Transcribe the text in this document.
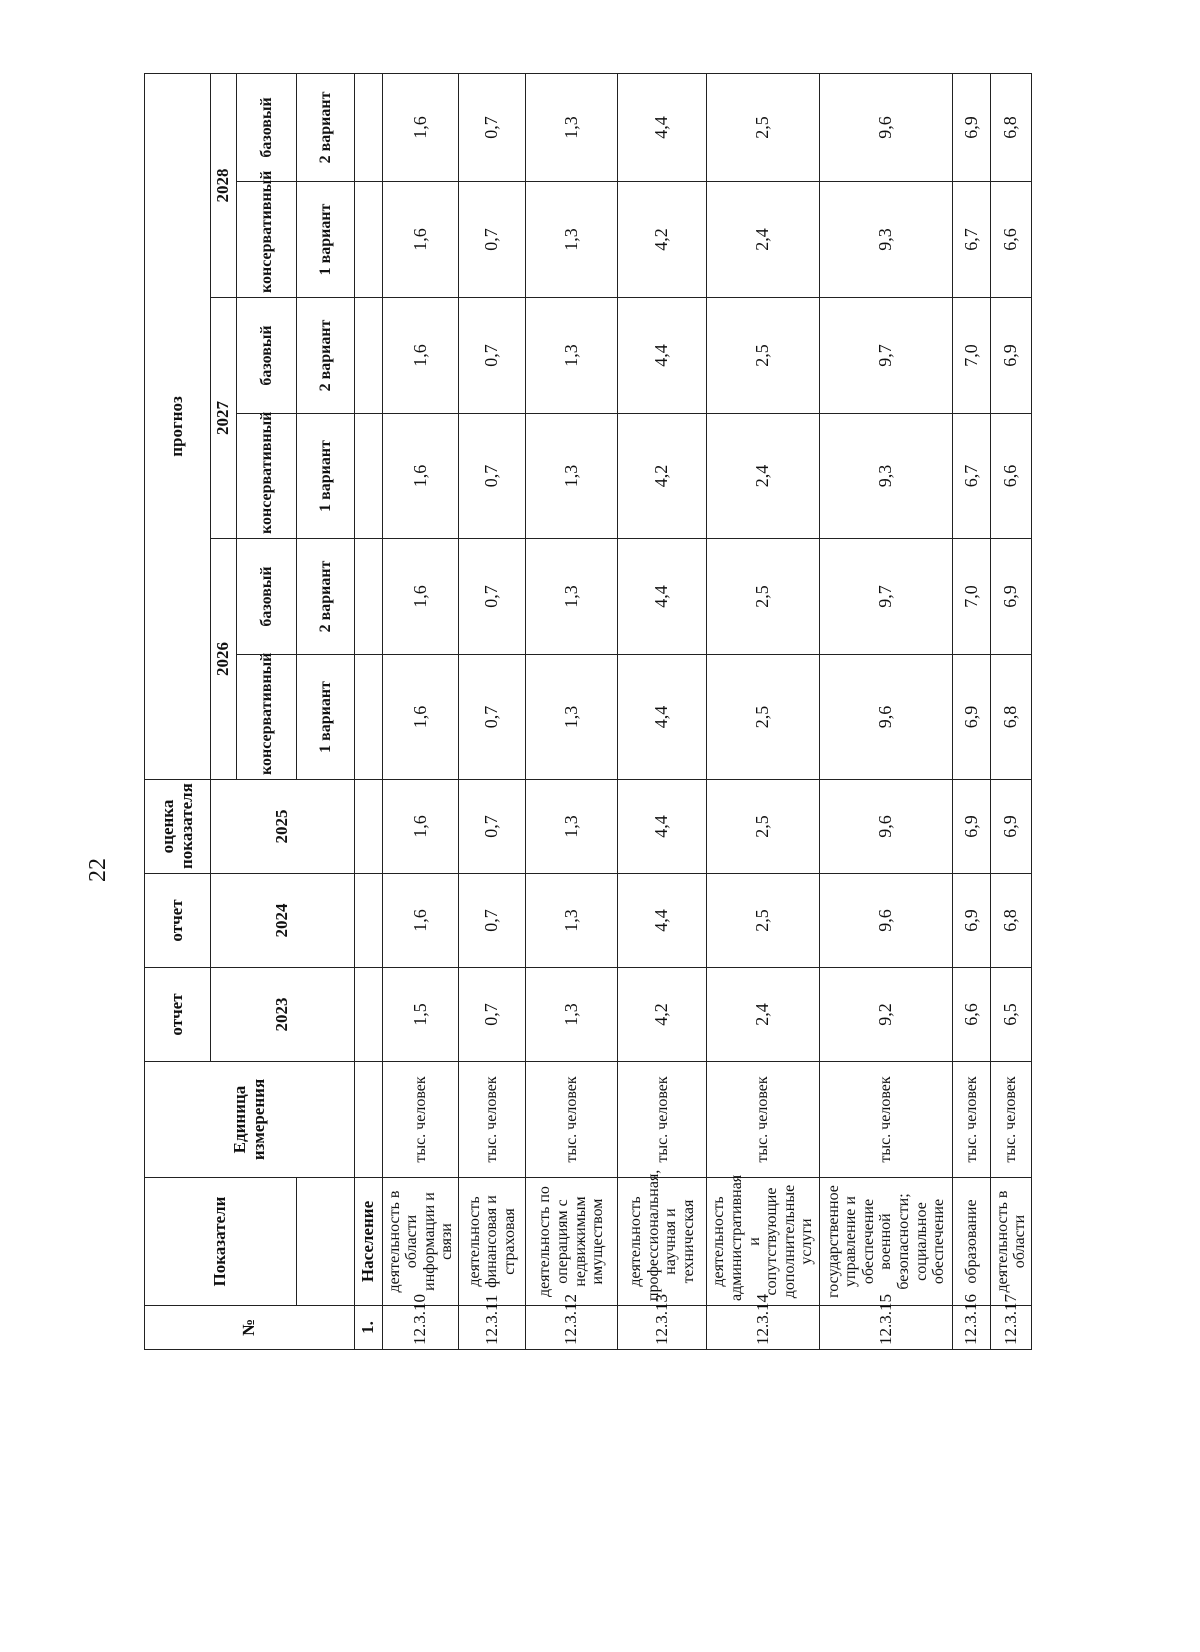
22
№	Показатели	Единица измерения	отчет	отчет	оценка показателя	прогноз					
			2023	2024	2025	2026		2027		2028	
						консервативный	базовый	консервативный	базовый	консервативный	базовый
						1 вариант	2 вариант	1 вариант	2 вариант	1 вариант	2 вариант
1.	Население										
12.3.10	деятельность в области информации и связи	тыс. человек	1,5	1,6	1,6	1,6	1,6	1,6	1,6	1,6	1,6
12.3.11	деятельность финансовая и страховая	тыс. человек	0,7	0,7	0,7	0,7	0,7	0,7	0,7	0,7	0,7
12.3.12	деятельность по операциям с недвижимым имуществом	тыс. человек	1,3	1,3	1,3	1,3	1,3	1,3	1,3	1,3	1,3
12.3.13	деятельность профессиональная, научная и техническая	тыс. человек	4,2	4,4	4,4	4,4	4,4	4,2	4,4	4,2	4,4
12.3.14	деятельность административная и сопутствующие дополнительные услуги	тыс. человек	2,4	2,5	2,5	2,5	2,5	2,4	2,5	2,4	2,5
12.3.15	государственное управление и обеспечение военной безопасности; социальное обеспечение	тыс. человек	9,2	9,6	9,6	9,6	9,7	9,3	9,7	9,3	9,6
12.3.16	образование	тыс. человек	6,6	6,9	6,9	6,9	7,0	6,7	7,0	6,7	6,9
12.3.17	деятельность в области	тыс. человек	6,5	6,8	6,9	6,8	6,9	6,6	6,9	6,6	6,8
